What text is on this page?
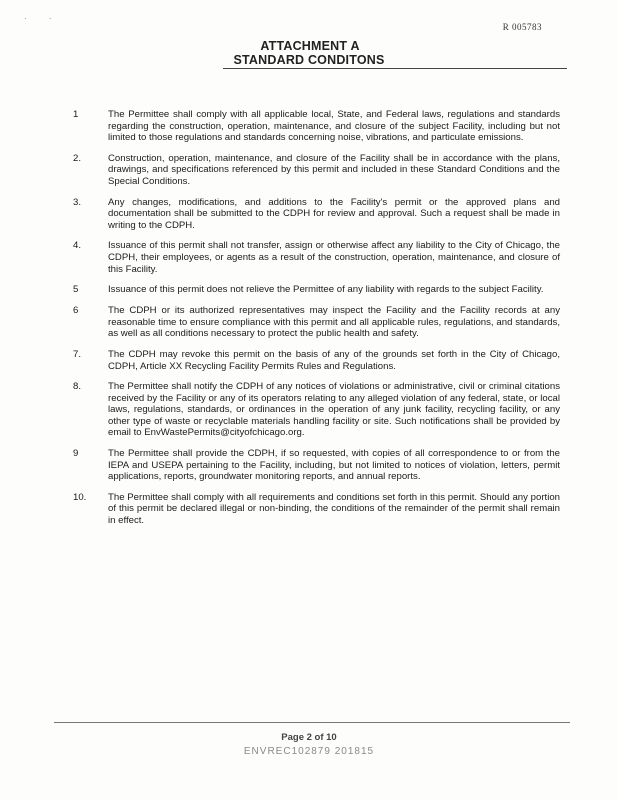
· ·
R 005783
ATTACHMENT A
STANDARD CONDITONS
1	The Permittee shall comply with all applicable local, State, and Federal laws, regulations and standards regarding the construction, operation, maintenance, and closure of the subject Facility, including but not limited to those regulations and standards concerning noise, vibrations, and particulate emissions.
2.	Construction, operation, maintenance, and closure of the Facility shall be in accordance with the plans, drawings, and specifications referenced by this permit and included in these Standard Conditions and the Special Conditions.
3.	Any changes, modifications, and additions to the Facility's permit or the approved plans and documentation shall be submitted to the CDPH for review and approval. Such a request shall be made in writing to the CDPH.
4.	Issuance of this permit shall not transfer, assign or otherwise affect any liability to the City of Chicago, the CDPH, their employees, or agents as a result of the construction, operation, maintenance, and closure of this Facility.
5	Issuance of this permit does not relieve the Permittee of any liability with regards to the subject Facility.
6	The CDPH or its authorized representatives may inspect the Facility and the Facility records at any reasonable time to ensure compliance with this permit and all applicable rules, regulations, and standards, as well as all conditions necessary to protect the public health and safety.
7.	The CDPH may revoke this permit on the basis of any of the grounds set forth in the City of Chicago, CDPH, Article XX Recycling Facility Permits Rules and Regulations.
8.	The Permittee shall notify the CDPH of any notices of violations or administrative, civil or criminal citations received by the Facility or any of its operators relating to any alleged violation of any federal, state, or local laws, regulations, standards, or ordinances in the operation of any junk facility, recycling facility, or any other type of waste or recyclable materials handling facility or site. Such notifications shall be provided by email to EnvWastePermits@cityofchicago.org.
9	The Permittee shall provide the CDPH, if so requested, with copies of all correspondence to or from the IEPA and USEPA pertaining to the Facility, including, but not limited to notices of violation, letters, permit applications, reports, groundwater monitoring reports, and annual reports.
10.	The Permittee shall comply with all requirements and conditions set forth in this permit. Should any portion of this permit be declared illegal or non-binding, the conditions of the remainder of the permit shall remain in effect.
Page 2 of 10
ENVREC102879 201815
